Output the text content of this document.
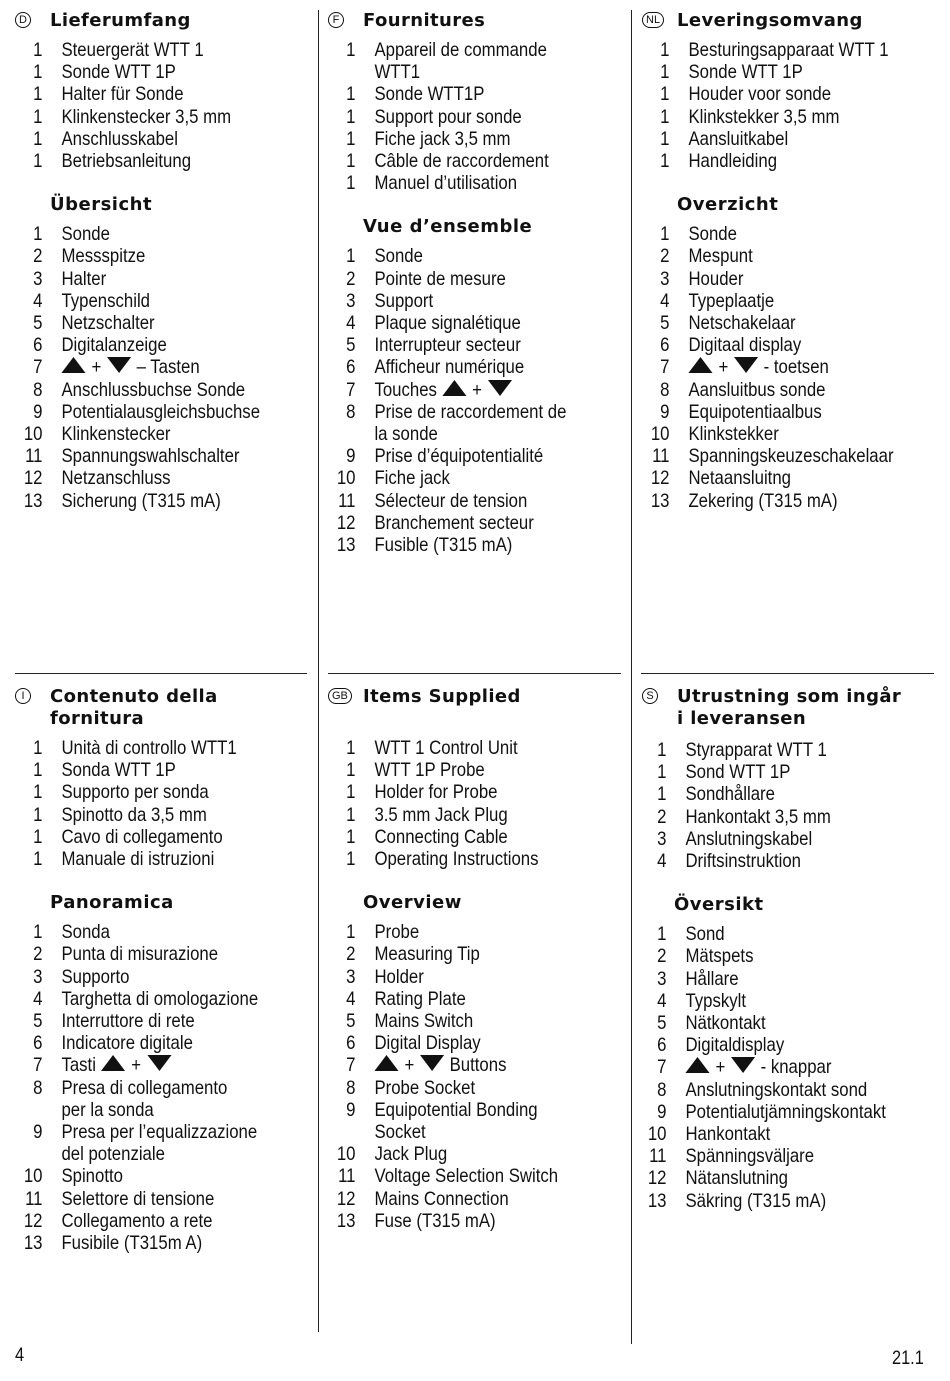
D Lieferumfang
1 Steuergerät WTT 1
1 Sonde WTT 1P
1 Halter für Sonde
1 Klinkenstecker 3,5 mm
1 Anschlusskabel
1 Betriebsanleitung
Übersicht
1 Sonde
2 Messspitze
3 Halter
4 Typenschild
5 Netzschalter
6 Digitalanzeige
7	+ – Tasten
8 Anschlussbuchse Sonde
9 Potentialausgleichsbuchse
10 Klinkenstecker
11 Spannungswahlschalter
12 Netzanschluss
13 Sicherung (T315 mA)
F Fournitures
1 Appareil de commande
WTT1
1 Sonde WTT1P
1 Support pour sonde
1 Fiche jack 3,5 mm
1 Câble de raccordement
1 Manuel d’utilisation
Vue d’ensemble
1 Sonde
2 Pointe de mesure
3 Support
4 Plaque signalétique
5 Interrupteur secteur
6 Afficheur numérique
7 Touches +
8 Prise de raccordement de
la sonde
9 Prise d’équipotentialité
10 Fiche jack
11 Sélecteur de tension
12 Branchement secteur
13 Fusible (T315 mA)
NL Leveringsomvang
1 Besturingsapparaat WTT 1
1 Sonde WTT 1P
1 Houder voor sonde
1 Klinkstekker 3,5 mm
1 Aansluitkabel
1 Handleiding
Overzicht
1 Sonde
2 Mespunt
3 Houder
4 Typeplaatje
5 Netschakelaar
6 Digitaal display
7	+ - toetsen
8 Aansluitbus sonde
9 Equipotentiaalbus
10 Klinkstekker
11 Spanningskeuzeschakelaar
12 Netaansluitng
13 Zekering (T315 mA)
I	Contenuto della
fornitura
1 Unità di controllo WTT1
1 Sonda WTT 1P
1 Supporto per sonda
1 Spinotto da 3,5 mm
1 Cavo di collegamento
1 Manuale di istruzioni
Panoramica
1 Sonda
2 Punta di misurazione
3 Supporto
4 Targhetta di omologazione
5 Interruttore di rete
6 Indicatore digitale
7 Tasti +
8 Presa di collegamento
per la sonda
9 Presa per l’equalizzazione
del potenziale
10 Spinotto
11 Selettore di tensione
12 Collegamento a rete
13 Fusibile (T315m A)
GB Items Supplied
1 WTT 1 Control Unit
1 WTT 1P Probe
1 Holder for Probe
1 3.5 mm Jack Plug
1 Connecting Cable
1 Operating Instructions
Overview
1 Probe
2 Measuring Tip
3 Holder
4 Rating Plate
5 Mains Switch
6 Digital Display
7	+ Buttons
8 Probe Socket
9 Equipotential Bonding
Socket
10 Jack Plug
11 Voltage Selection Switch
12 Mains Connection
13 Fuse (T315 mA)
S Utrustning som ingår
i leveransen
1 Styrapparat WTT 1
1 Sond WTT 1P
1 Sondhållare
2 Hankontakt 3,5 mm
3 Anslutningskabel
4 Driftsinstruktion
Översikt
1 Sond
2 Mätspets
3 Hållare
4 Typskylt
5 Nätkontakt
6 Digitaldisplay
7	+ - knappar
8 Anslutningskontakt sond
9 Potentialutjämningskontakt
10 Hankontakt
11 Spänningsväljare
12 Nätanslutning
13 Säkring (T315 mA)
4	21.1
